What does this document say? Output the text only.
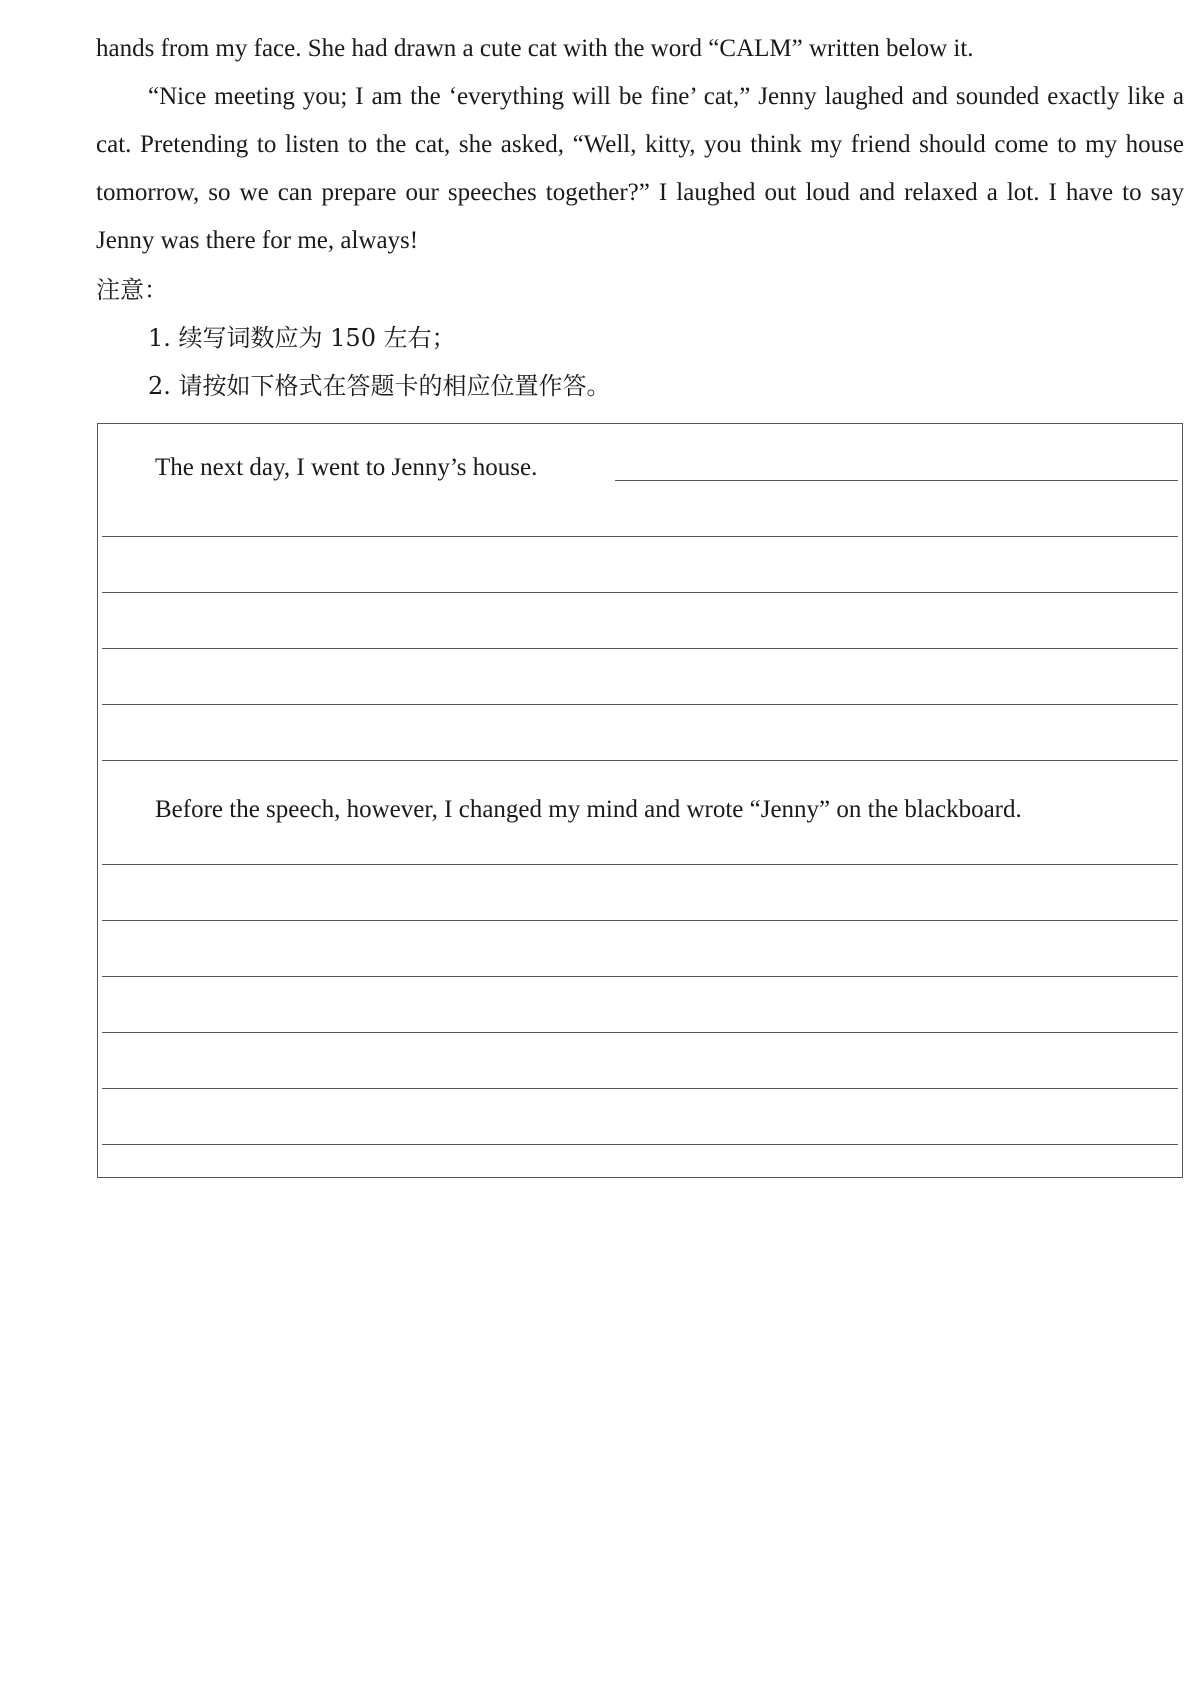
hands from my face. She had drawn a cute cat with the word “CALM” written below it.

“Nice meeting you; I am the ‘everything will be fine’ cat,” Jenny laughed and sounded exactly like a cat. Pretending to listen to the cat, she asked, “Well, kitty, you think my friend should come to my house tomorrow, so we can prepare our speeches together?” I laughed out loud and relaxed a lot. I have to say Jenny was there for me, always!

注意：

1. 续写词数应为 150 左右；

2. 请按如下格式在答题卡的相应位置作答。

The next day, I went to Jenny’s house.

Before the speech, however, I changed my mind and wrote “Jenny” on the blackboard.
